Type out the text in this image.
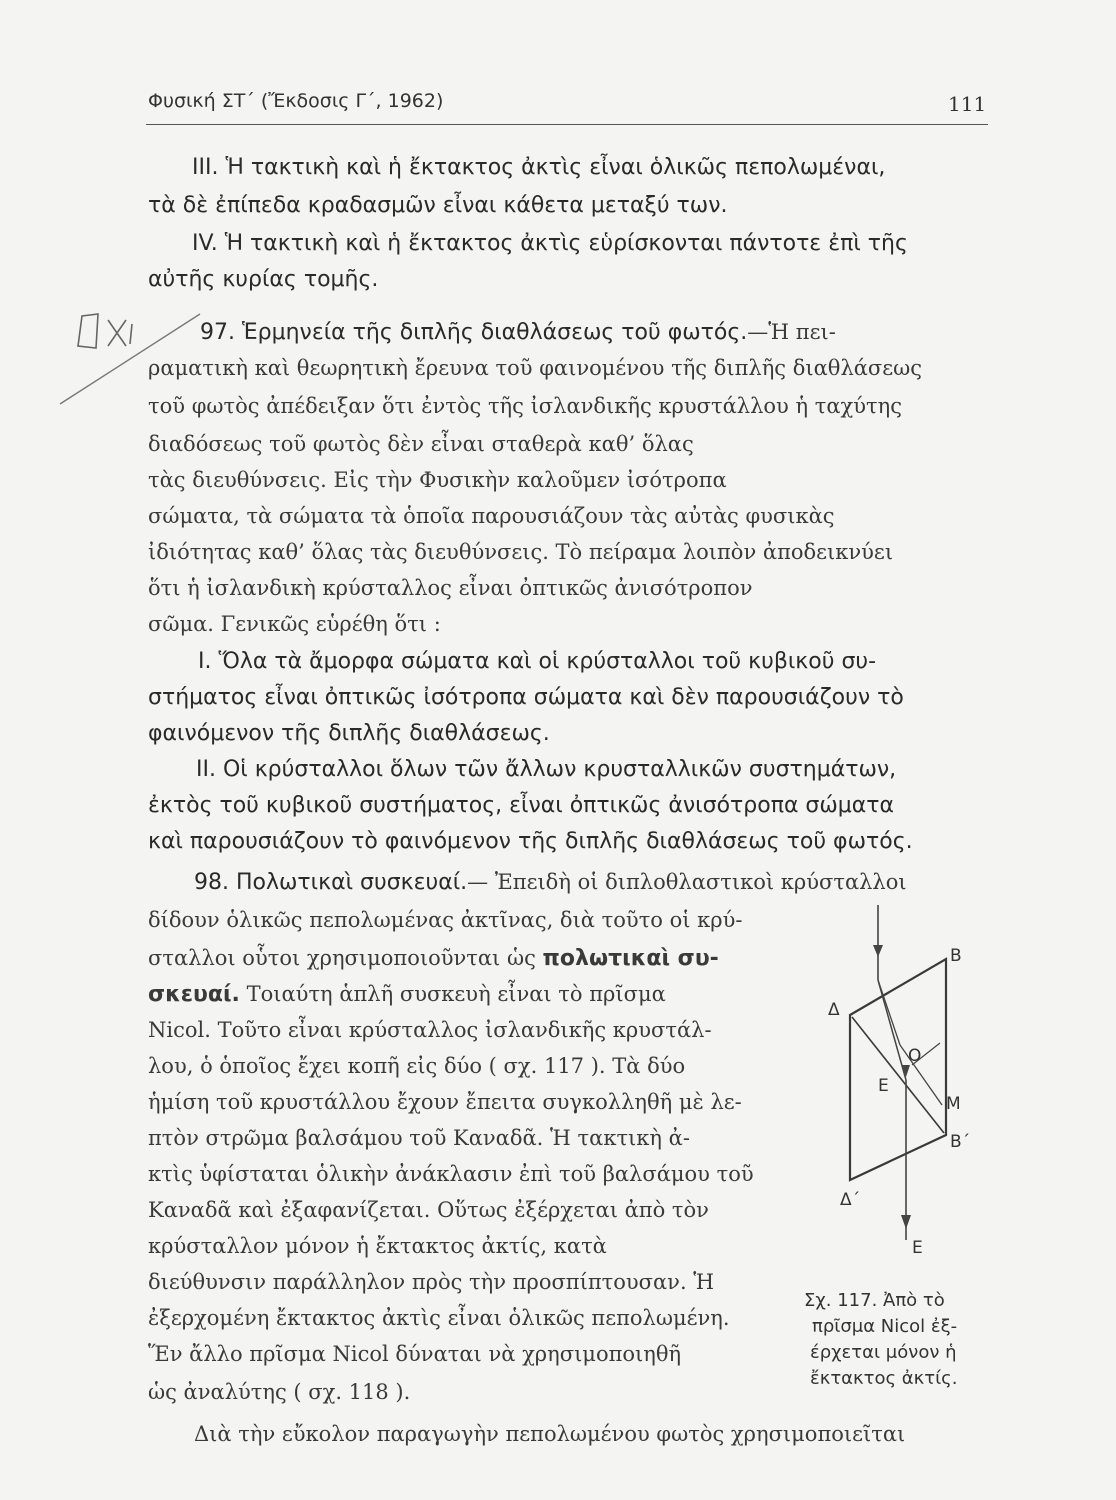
Φυσική ΣΤ΄ (Ἔκδοσις Γ΄, 1962)	111
III. Ἡ τακτικὴ καὶ ἡ ἔκτακτος ἀκτὶς εἶναι ὁλικῶς πεπολωμέναι,
τὰ δὲ ἐπίπεδα κραδασμῶν εἶναι κάθετα μεταξύ των.
IV. Ἡ τακτικὴ καὶ ἡ ἔκτακτος ἀκτὶς εὑρίσκονται πάντοτε ἐπὶ τῆς
αὐτῆς κυρίας τομῆς.
Όχι
97. Ἑρμηνεία τῆς διπλῆς διαθλάσεως τοῦ φωτός.—Ἡ πει-
ραματικὴ καὶ θεωρητικὴ ἔρευνα τοῦ φαινομένου τῆς διπλῆς διαθλάσεως
τοῦ φωτὸς ἀπέδειξαν ὅτι ἐντὸς τῆς ἰσλανδικῆς κρυστάλλου ἡ ταχύτης
διαδόσεως τοῦ φωτὸς δὲν εἶναι σταθερὰ καθ’ ὅλας
τὰς διευθύνσεις. Εἰς τὴν Φυσικὴν καλοῦμεν ἰσότροπα
σώματα, τὰ σώματα τὰ ὁποῖα παρουσιάζουν τὰς αὐτὰς φυσικὰς
ἰδιότητας καθ’ ὅλας τὰς διευθύνσεις. Τὸ πείραμα λοιπὸν ἀποδεικνύει
ὅτι ἡ ἰσλανδικὴ κρύσταλλος εἶναι ὀπτικῶς ἀνισότροπον
σῶμα. Γενικῶς εὑρέθη ὅτι :
I. Ὅλα τὰ ἄμορφα σώματα καὶ οἱ κρύσταλλοι τοῦ κυβικοῦ συ-
στήματος εἶναι ὀπτικῶς ἰσότροπα σώματα καὶ δὲν παρουσιάζουν τὸ
φαινόμενον τῆς διπλῆς διαθλάσεως.
II. Οἱ κρύσταλλοι ὅλων τῶν ἄλλων κρυσταλλικῶν συστημάτων,
ἐκτὸς τοῦ κυβικοῦ συστήματος, εἶναι ὀπτικῶς ἀνισότροπα σώματα
καὶ παρουσιάζουν τὸ φαινόμενον τῆς διπλῆς διαθλάσεως τοῦ φωτός.
98. Πολωτικαὶ συσκευαί.— Ἐπειδὴ οἱ διπλοθλαστικοὶ κρύσταλλοι
δίδουν ὁλικῶς πεπολωμένας ἀκτῖνας, διὰ τοῦτο οἱ κρύ-
σταλλοι οὗτοι χρησιμοποιοῦνται ὡς πολωτικαὶ συ-
σκευαί. Τοιαύτη ἁπλῆ συσκευὴ εἶναι τὸ πρῖσμα
Nicol. Τοῦτο εἶναι κρύσταλλος ἰσλανδικῆς κρυστάλ-
λου, ὁ ὁποῖος ἔχει κοπῆ εἰς δύο ( σχ. 117 ). Τὰ δύο
ἡμίση τοῦ κρυστάλλου ἔχουν ἔπειτα συγκολληθῆ μὲ λε-
πτὸν στρῶμα βαλσάμου τοῦ Καναδᾶ. Ἡ τακτικὴ ἀ-
κτὶς ὑφίσταται ὁλικὴν ἀνάκλασιν ἐπὶ τοῦ βαλσάμου τοῦ
Καναδᾶ καὶ ἐξαφανίζεται. Οὕτως ἐξέρχεται ἀπὸ τὸν
κρύσταλλον μόνον ἡ ἔκτακτος ἀκτίς, κατὰ
διεύθυνσιν παράλληλον πρὸς τὴν προσπίπτουσαν. Ἡ
ἐξερχομένη ἔκτακτος ἀκτὶς εἶναι ὁλικῶς πεπολωμένη.
Ἕν ἄλλο πρῖσμα Nicol δύναται νὰ χρησιμοποιηθῆ
ὡς ἀναλύτης ( σχ. 118 ).
Διὰ τὴν εὔκολον παραγωγὴν πεπολωμένου φωτὸς χρησιμοποιεῖται
B
B΄
Δ
Δ΄
O
E
M
E
Σχ. 117. Ἀπὸ τὸ
πρῖσμα Nicol ἐξ-
έρχεται μόνον ἡ
ἔκτακτος ἀκτίς.
